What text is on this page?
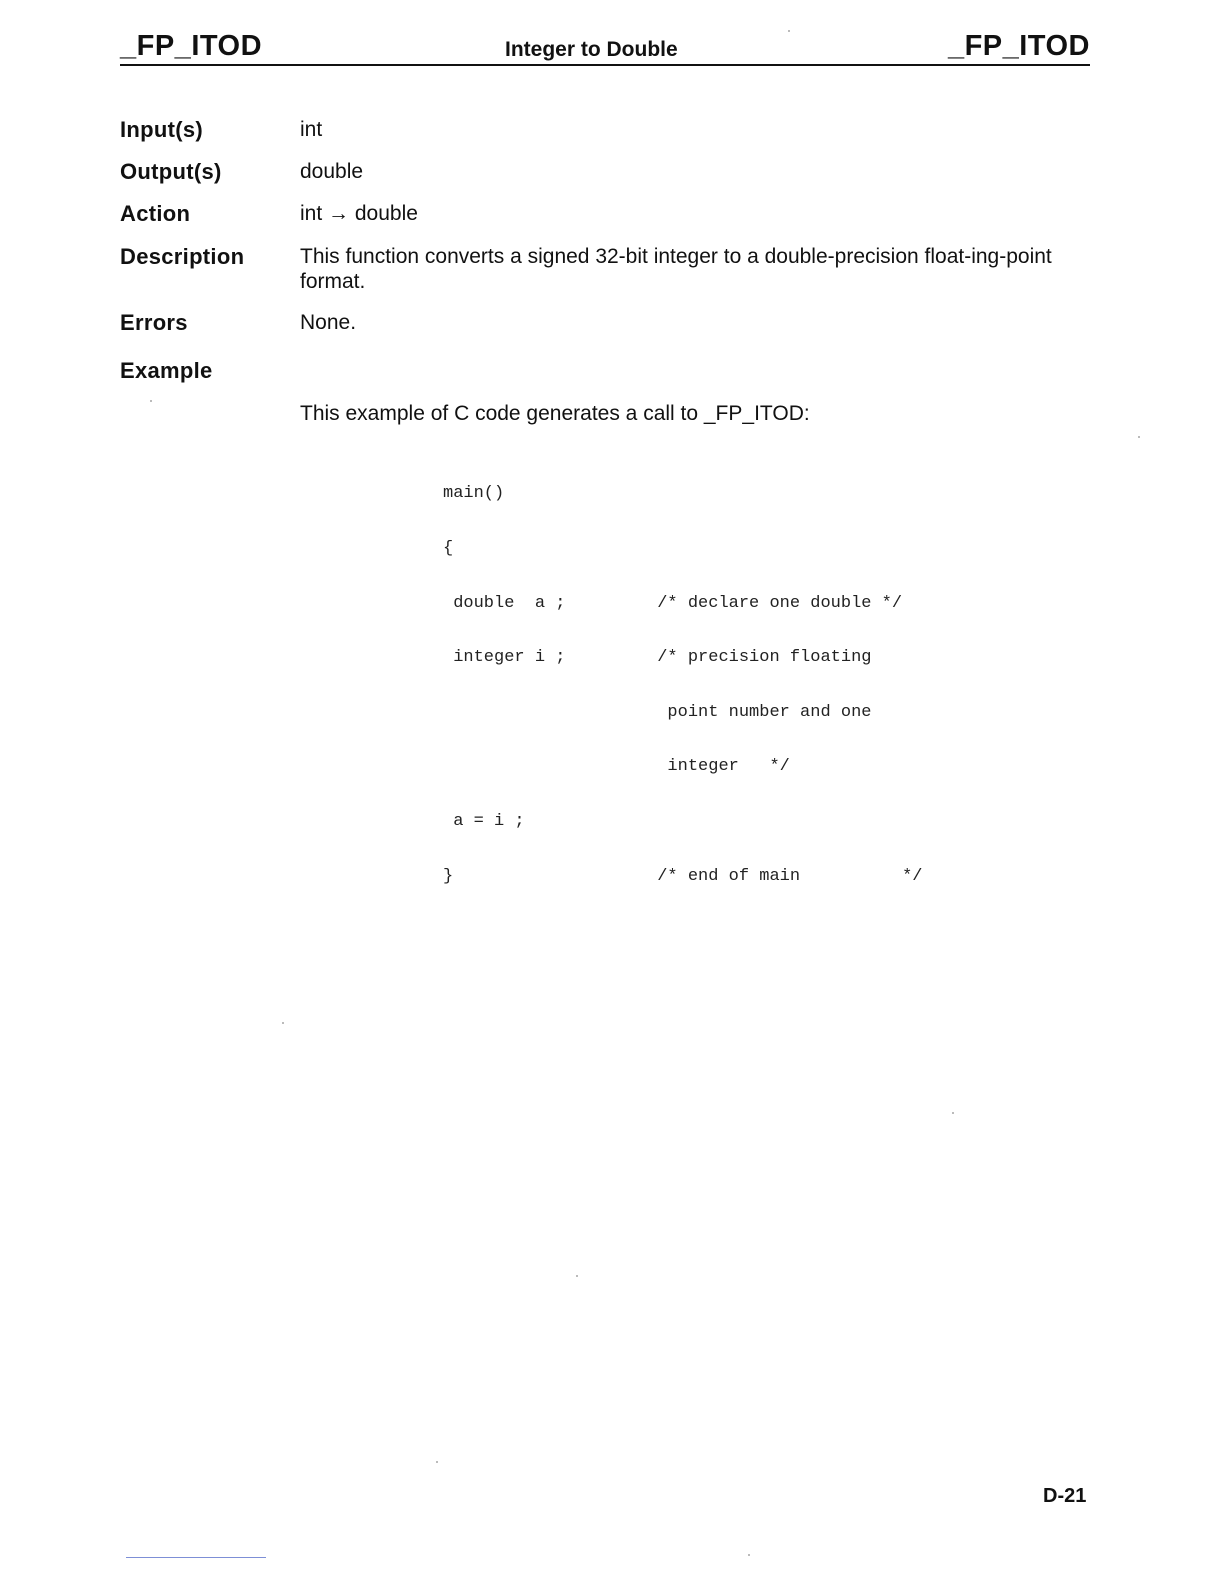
_FP_ITOD	Integer to Double	_FP_ITOD
Input(s)	int
Output(s)	double
Action	int → double
Description	This function converts a signed 32-bit integer to a double-precision float-ing-point format.
Errors	None.
Example
This example of C code generates a call to _FP_ITOD:

main()

{

double  a ;         /* declare one double */

integer i ;         /* precision floating

point number and one

integer   */

a = i ;

}                    /* end of main          */

D-21
